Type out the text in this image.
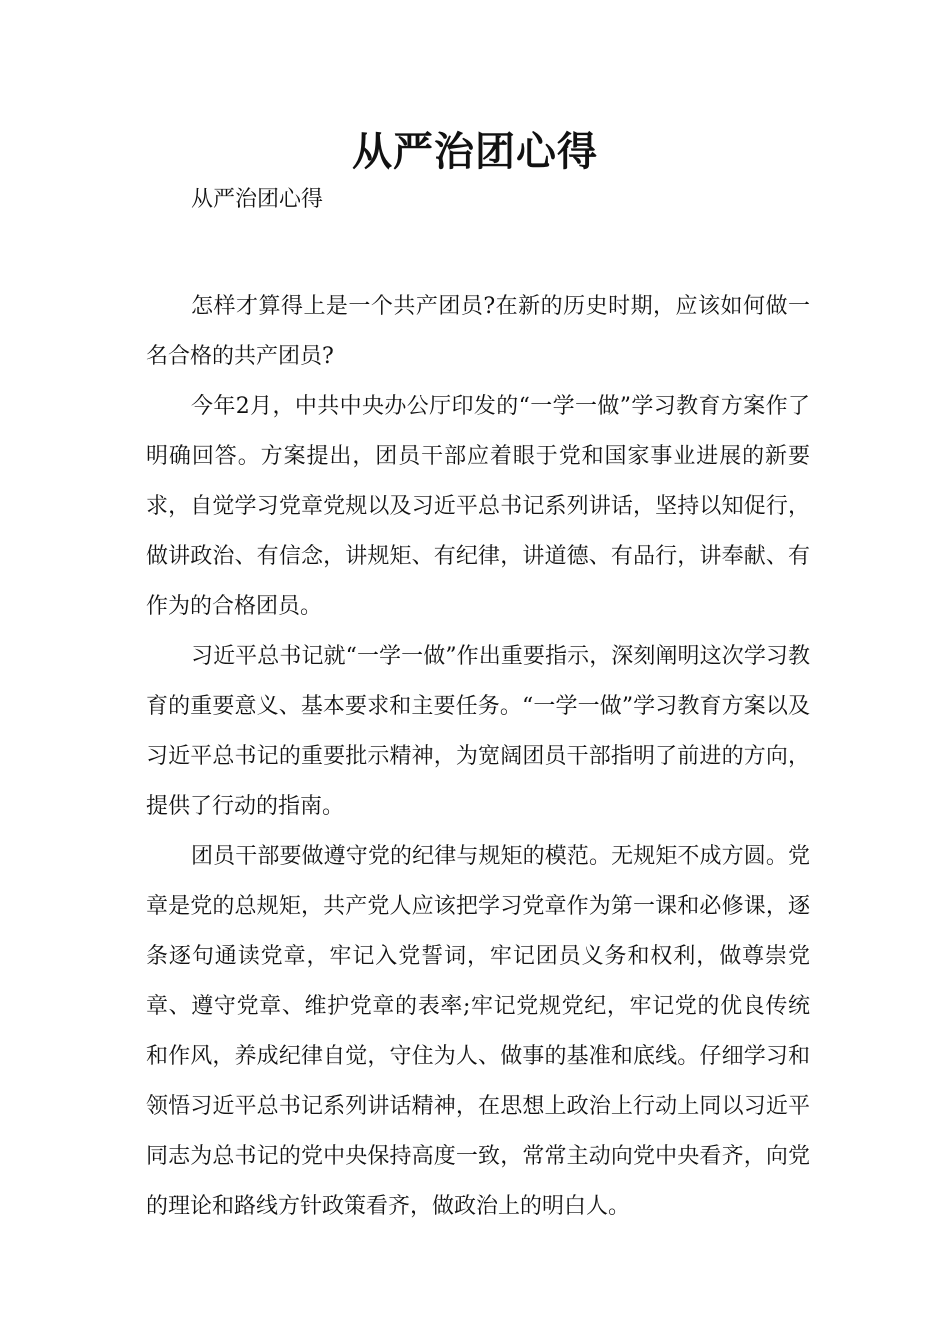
从严治团心得

从严治团心得

怎样才算得上是一个共产团员?在新的历史时期，应该如何做一名合格的共产团员?

今年2月，中共中央办公厅印发的“一学一做”学习教育方案作了明确回答。方案提出，团员干部应着眼于党和国家事业进展的新要求，自觉学习党章党规以及习近平总书记系列讲话，坚持以知促行，做讲政治、有信念，讲规矩、有纪律，讲道德、有品行，讲奉献、有作为的合格团员。

习近平总书记就“一学一做”作出重要指示，深刻阐明这次学习教育的重要意义、基本要求和主要任务。“一学一做”学习教育方案以及习近平总书记的重要批示精神，为宽阔团员干部指明了前进的方向，提供了行动的指南。

团员干部要做遵守党的纪律与规矩的模范。无规矩不成方圆。党章是党的总规矩，共产党人应该把学习党章作为第一课和必修课，逐条逐句通读党章，牢记入党誓词，牢记团员义务和权利，做尊崇党章、遵守党章、维护党章的表率;牢记党规党纪，牢记党的优良传统和作风，养成纪律自觉，守住为人、做事的基准和底线。仔细学习和领悟习近平总书记系列讲话精神，在思想上政治上行动上同以习近平同志为总书记的党中央保持高度一致，常常主动向党中央看齐，向党的理论和路线方针政策看齐，做政治上的明白人。
